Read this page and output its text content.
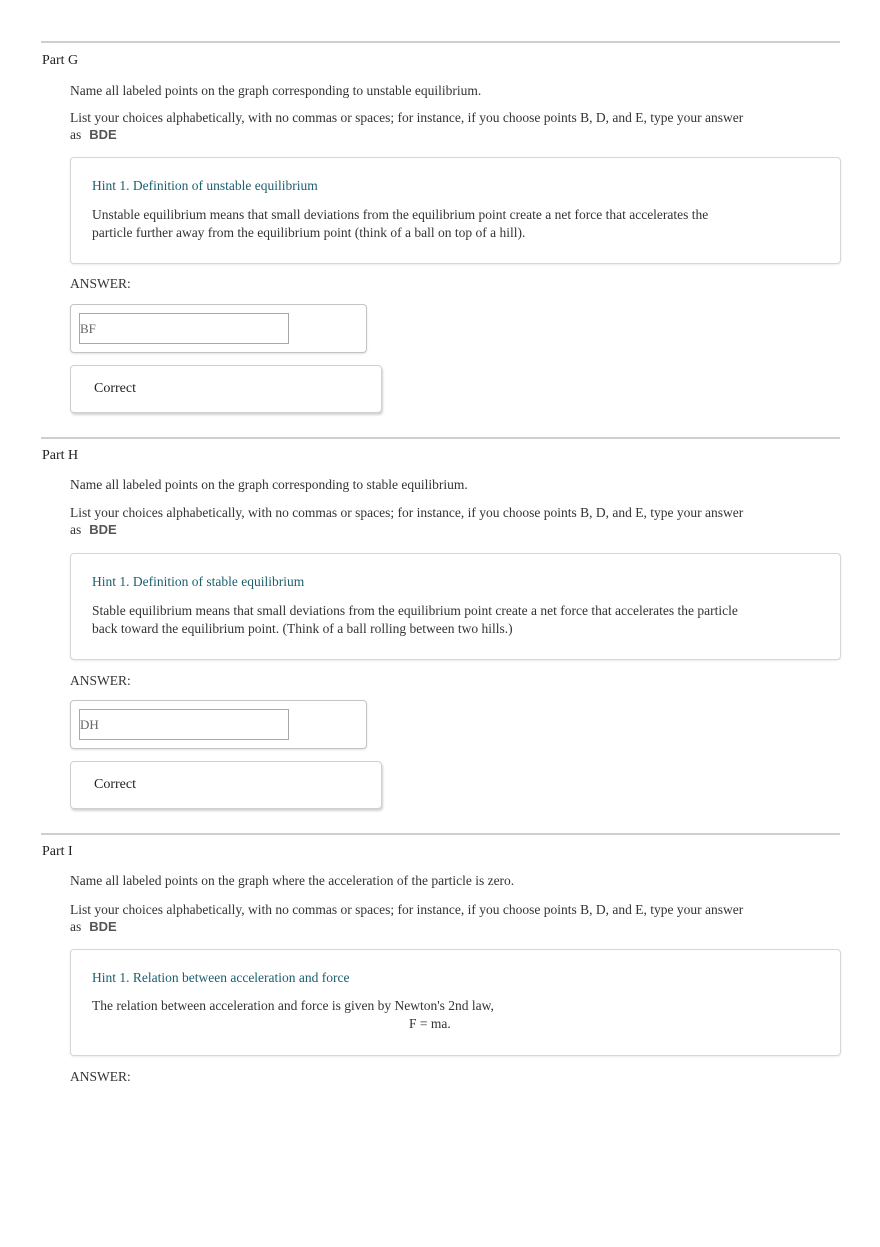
Part G
Name all labeled points on the graph corresponding to unstable equilibrium.
List your choices alphabetically, with no commas or spaces; for instance, if you choose points B, D, and E, type your answer as BDE
Hint 1. Definition of unstable equilibrium
Unstable equilibrium means that small deviations from the equilibrium point create a net force that accelerates the particle further away from the equilibrium point (think of a ball on top of a hill).
ANSWER:
BF
Correct
Part H
Name all labeled points on the graph corresponding to stable equilibrium.
List your choices alphabetically, with no commas or spaces; for instance, if you choose points B, D, and E, type your answer as BDE
Hint 1. Definition of stable equilibrium
Stable equilibrium means that small deviations from the equilibrium point create a net force that accelerates the particle back toward the equilibrium point. (Think of a ball rolling between two hills.)
ANSWER:
DH
Correct
Part I
Name all labeled points on the graph where the acceleration of the particle is zero.
List your choices alphabetically, with no commas or spaces; for instance, if you choose points B, D, and E, type your answer as BDE
Hint 1. Relation between acceleration and force
The relation between acceleration and force is given by Newton's 2nd law,
F = ma.
ANSWER:
